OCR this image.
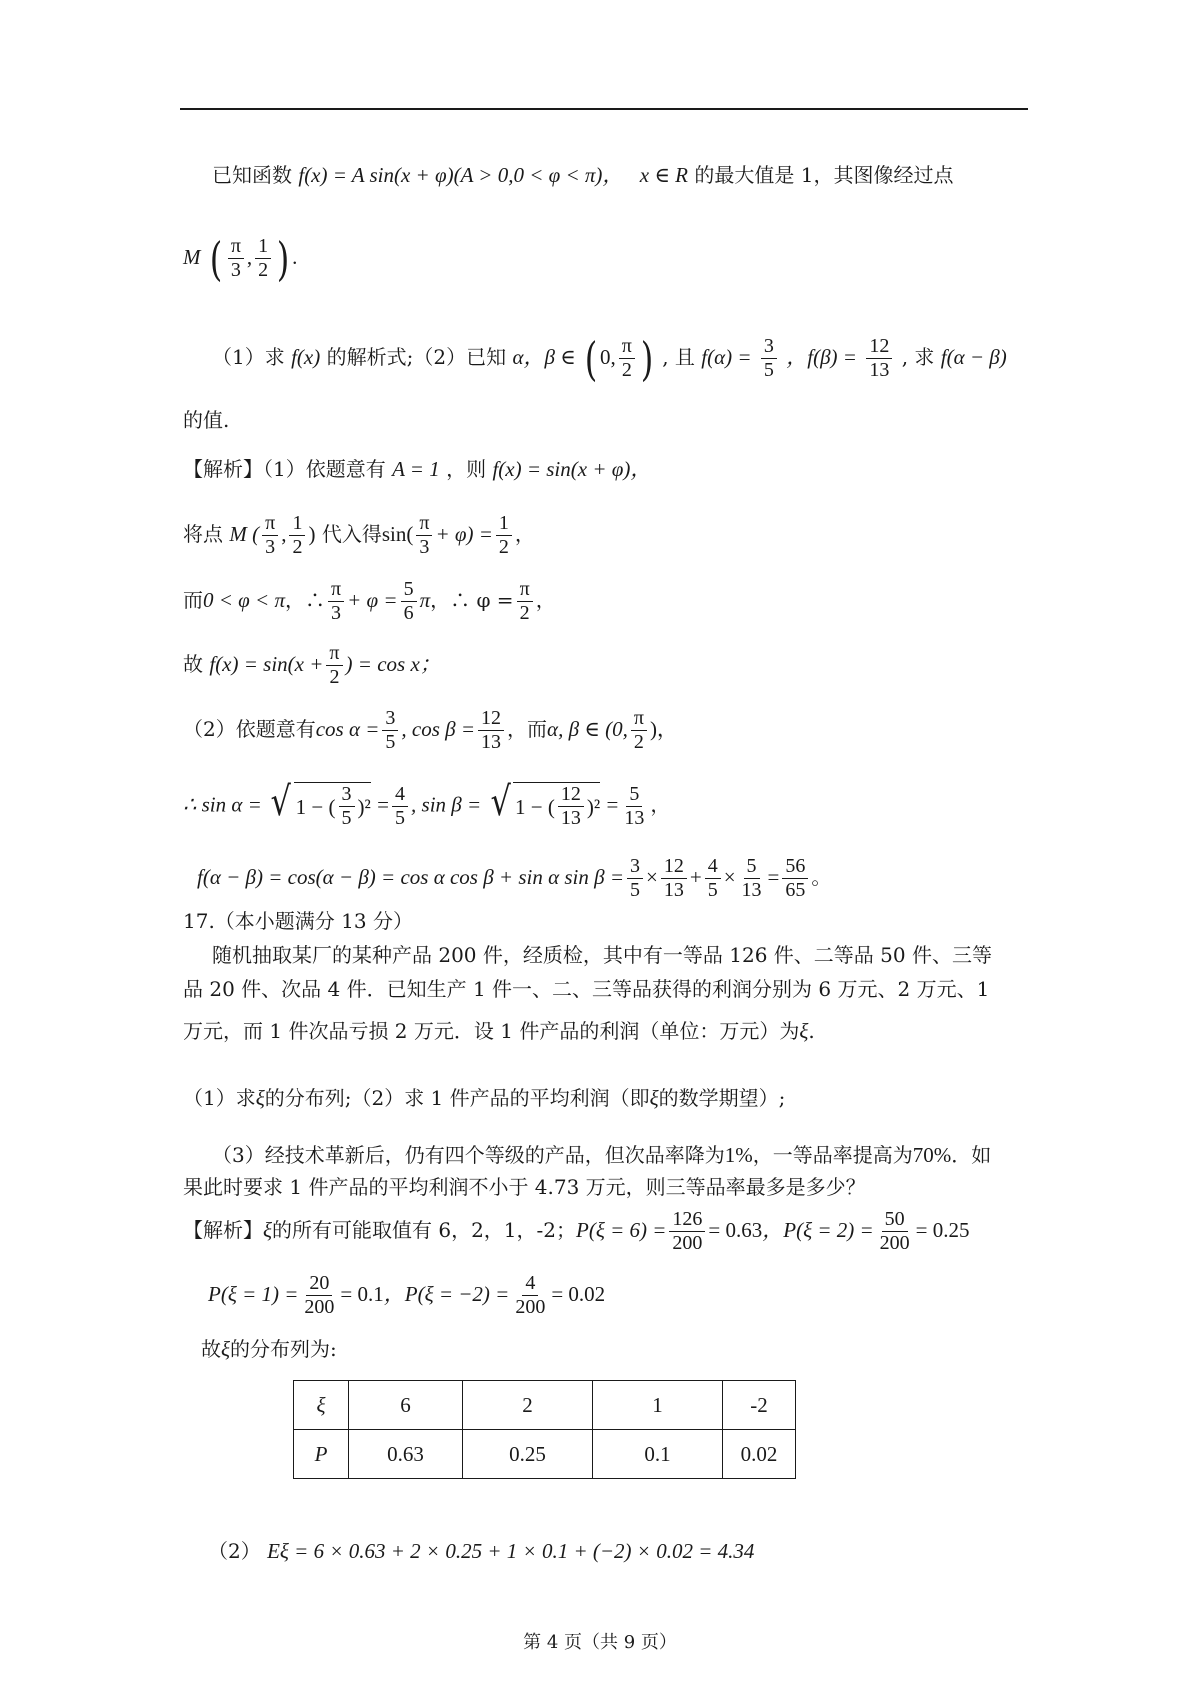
已知函数 f(x) = A sin(x + φ)(A > 0,0 < φ < π)， x ∈ R 的最大值是 1，其图像经过点
M ( $\frac{\pi}{3}$ , $\frac{1}{2}$ ) .
（1）求 f(x) 的解析式;（2）已知 α，β ∈ ( 0, $\frac{\pi}{2}$ ) , 且 $f(\alpha) = \frac{3}{5}$ ，$f(\beta) = \frac{12}{13}$ , 求 f(α − β)
的值.
【解析】（1）依题意有 A = 1 ，则 f(x) = sin(x + φ)，
将点 M ( $\frac{\pi}{3}$ , $\frac{1}{2}$ ) 代入得$\sin( \frac{\pi}{3} + \varphi) = \frac{1}{2}$ ，
而0 < φ < π，∴ $\frac{\pi}{3} + \varphi = \frac{5}{6}$ π，∴ $\varphi = \frac{\pi}{2}$ ，
故 $f(x) = \sin(x + \frac{\pi}{2}$ ) = cos x；
（2）依题意有$\cos \alpha = \frac{3}{5}$ , $\cos \beta = \frac{12}{13}$ ，而α, β ∈ (0, $\frac{\pi}{2}$ )，
∴ sin α = √ 1 − ( $\frac{3}{5} )^2 = \frac{4}{5}$ , sin β = √ 1 − ( $\frac{12}{13} )^2 = \frac{5}{13}$ ，
f(α − β) = cos(α − β) = cos α cos β + sin α $\sin \beta = \frac{3}{5} \times \frac{12}{13} + \frac{4}{5} \times \frac{5}{13} = \frac{56}{65}$ 。
17.（本小题满分 13 分）
随机抽取某厂的某种产品 200 件，经质检，其中有一等品 126 件、二等品 50 件、三等
品 20 件、次品 4 件．已知生产 1 件一、二、三等品获得的利润分别为 6 万元、2 万元、1
万元，而 1 件次品亏损 2 万元．设 1 件产品的利润（单位：万元）为ξ.
（1）求ξ的分布列;（2）求 1 件产品的平均利润（即ξ的数学期望）;
（3）经技术革新后，仍有四个等级的产品，但次品率降为1%，一等品率提高为70%．如
果此时要求 1 件产品的平均利润不小于 4.73 万元，则三等品率最多是多少？
【解析】ξ的所有可能取值有 6，2，1，-2；$P(\xi = 6) = \frac{126}{200} = 0.63$，$P(\xi = 2) = \frac{50}{200} = 0.25$
$P(\xi = 1) = \frac{20}{200} = 0.1$，$P(\xi = -2) = \frac{4}{200} = 0.02$
故ξ的分布列为:
ξ	6	2	1	-2
P	0.63	0.25	0.1	0.02
（2） Eξ = 6 × 0.63 + 2 × 0.25 + 1 × 0.1 + (−2) × 0.02 = 4.34
第 4 页（共 9 页）
